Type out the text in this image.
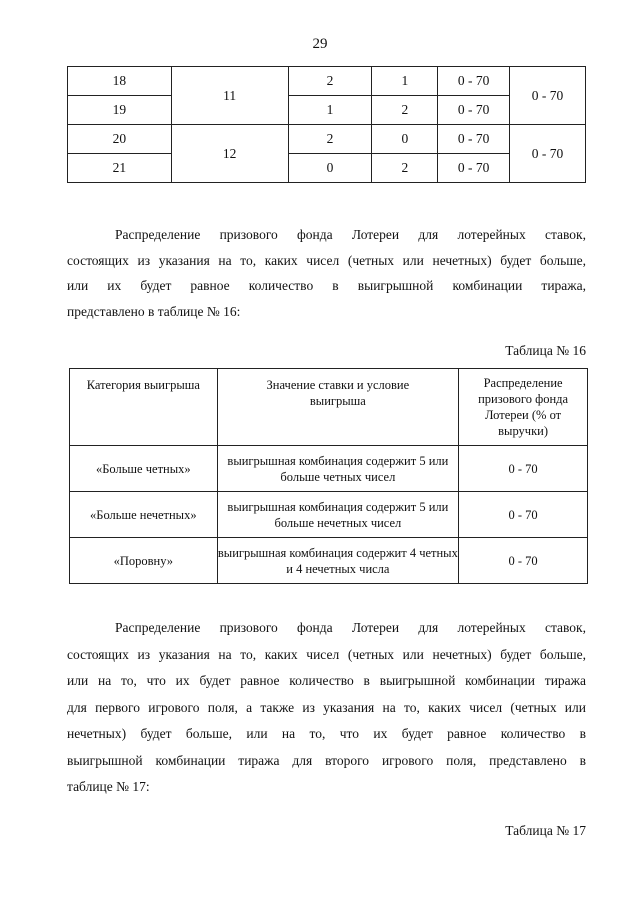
29
18	11	2	1	0 - 70	0 - 70
19		1	2	0 - 70	
20	12	2	0	0 - 70	0 - 70
21		0	2	0 - 70	

Распределение призового фонда Лотереи для лотерейных ставок,

состоящих из указания на то, каких чисел (четных или нечетных) будет больше,

или их будет равное количество в выигрышной комбинации тиража,

представлено в таблице № 16:

Таблица № 16
Категория выигрыша	Значение ставки и условие выигрыша	Распределение призового фонда Лотереи (% от выручки)
«Больше четных»	выигрышная комбинация содержит 5 или больше четных чисел	0 - 70
«Больше нечетных»	выигрышная комбинация содержит 5 или больше нечетных чисел	0 - 70
«Поровну»	выигрышная комбинация содержит 4 четных и 4 нечетных числа	0 - 70

Распределение призового фонда Лотереи для лотерейных ставок,

состоящих из указания на то, каких чисел (четных или нечетных) будет больше,

или на то, что их будет равное количество в выигрышной комбинации тиража

для первого игрового поля, а также из указания на то, каких чисел (четных или

нечетных) будет больше, или на то, что их будет равное количество в

выигрышной комбинации тиража для второго игрового поля, представлено в

таблице № 17:

Таблица № 17
